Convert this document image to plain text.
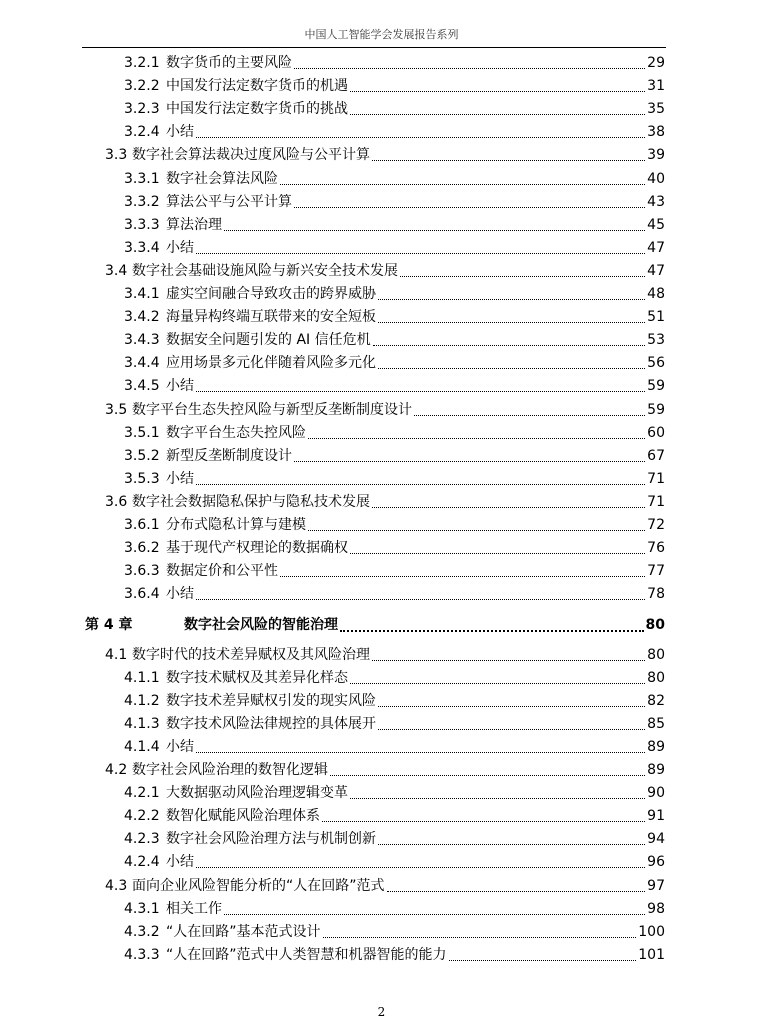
中国人工智能学会发展报告系列
3.2.1 数字货币的主要风险	29
3.2.2 中国发行法定数字货币的机遇	31
3.2.3 中国发行法定数字货币的挑战	35
3.2.4 小结	38
3.3 数字社会算法裁决过度风险与公平计算	39
3.3.1 数字社会算法风险	40
3.3.2 算法公平与公平计算	43
3.3.3 算法治理	45
3.3.4 小结	47
3.4 数字社会基础设施风险与新兴安全技术发展	47
3.4.1 虚实空间融合导致攻击的跨界威胁	48
3.4.2 海量异构终端互联带来的安全短板	51
3.4.3 数据安全问题引发的 AI 信任危机	53
3.4.4 应用场景多元化伴随着风险多元化	56
3.4.5 小结	59
3.5 数字平台生态失控风险与新型反垄断制度设计	59
3.5.1 数字平台生态失控风险	60
3.5.2 新型反垄断制度设计	67
3.5.3 小结	71
3.6 数字社会数据隐私保护与隐私技术发展	71
3.6.1 分布式隐私计算与建模	72
3.6.2 基于现代产权理论的数据确权	76
3.6.3 数据定价和公平性	77
3.6.4 小结	78
第 4 章	数字社会风险的智能治理	80
4.1 数字时代的技术差异赋权及其风险治理	80
4.1.1 数字技术赋权及其差异化样态	80
4.1.2 数字技术差异赋权引发的现实风险	82
4.1.3 数字技术风险法律规控的具体展开	85
4.1.4 小结	89
4.2 数字社会风险治理的数智化逻辑	89
4.2.1 大数据驱动风险治理逻辑变革	90
4.2.2 数智化赋能风险治理体系	91
4.2.3 数字社会风险治理方法与机制创新	94
4.2.4 小结	96
4.3 面向企业风险智能分析的“人在回路”范式	97
4.3.1 相关工作	98
4.3.2 “人在回路”基本范式设计	100
4.3.3 “人在回路”范式中人类智慧和机器智能的能力	101
2
